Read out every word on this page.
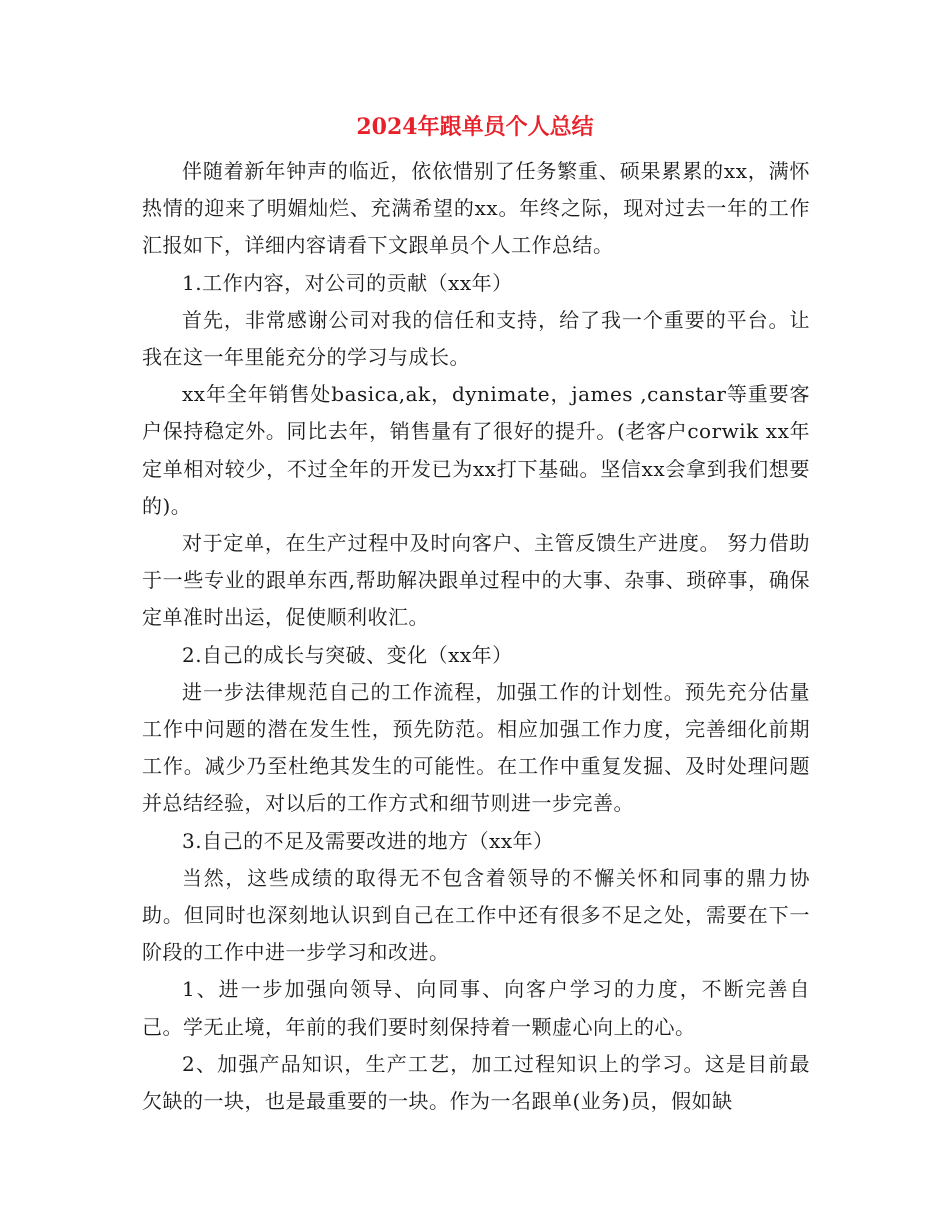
2024年跟单员个人总结

伴随着新年钟声的临近，依依惜别了任务繁重、硕果累累的xx，满怀热情的迎来了明媚灿烂、充满希望的xx。年终之际，现对过去一年的工作汇报如下，详细内容请看下文跟单员个人工作总结。

1.工作内容，对公司的贡献（xx年）

首先，非常感谢公司对我的信任和支持，给了我一个重要的平台。让我在这一年里能充分的学习与成长。

xx年全年销售处basica,ak，dynimate，james ,canstar等重要客户保持稳定外。同比去年，销售量有了很好的提升。(老客户corwik xx年定单相对较少，不过全年的开发已为xx打下基础。坚信xx会拿到我们想要的)。

对于定单，在生产过程中及时向客户、主管反馈生产进度。 努力借助于一些专业的跟单东西,帮助解决跟单过程中的大事、杂事、琐碎事，确保定单准时出运，促使顺利收汇。

2.自己的成长与突破、变化（xx年）

进一步法律规范自己的工作流程，加强工作的计划性。预先充分估量工作中问题的潜在发生性，预先防范。相应加强工作力度，完善细化前期工作。减少乃至杜绝其发生的可能性。在工作中重复发掘、及时处理问题并总结经验，对以后的工作方式和细节则进一步完善。

3.自己的不足及需要改进的地方（xx年）

当然，这些成绩的取得无不包含着领导的不懈关怀和同事的鼎力协助。但同时也深刻地认识到自己在工作中还有很多不足之处，需要在下一阶段的工作中进一步学习和改进。

1、进一步加强向领导、向同事、向客户学习的力度，不断完善自己。学无止境，年前的我们要时刻保持着一颗虚心向上的心。

2、加强产品知识，生产工艺，加工过程知识上的学习。这是目前最欠缺的一块，也是最重要的一块。作为一名跟单(业务)员，假如缺
